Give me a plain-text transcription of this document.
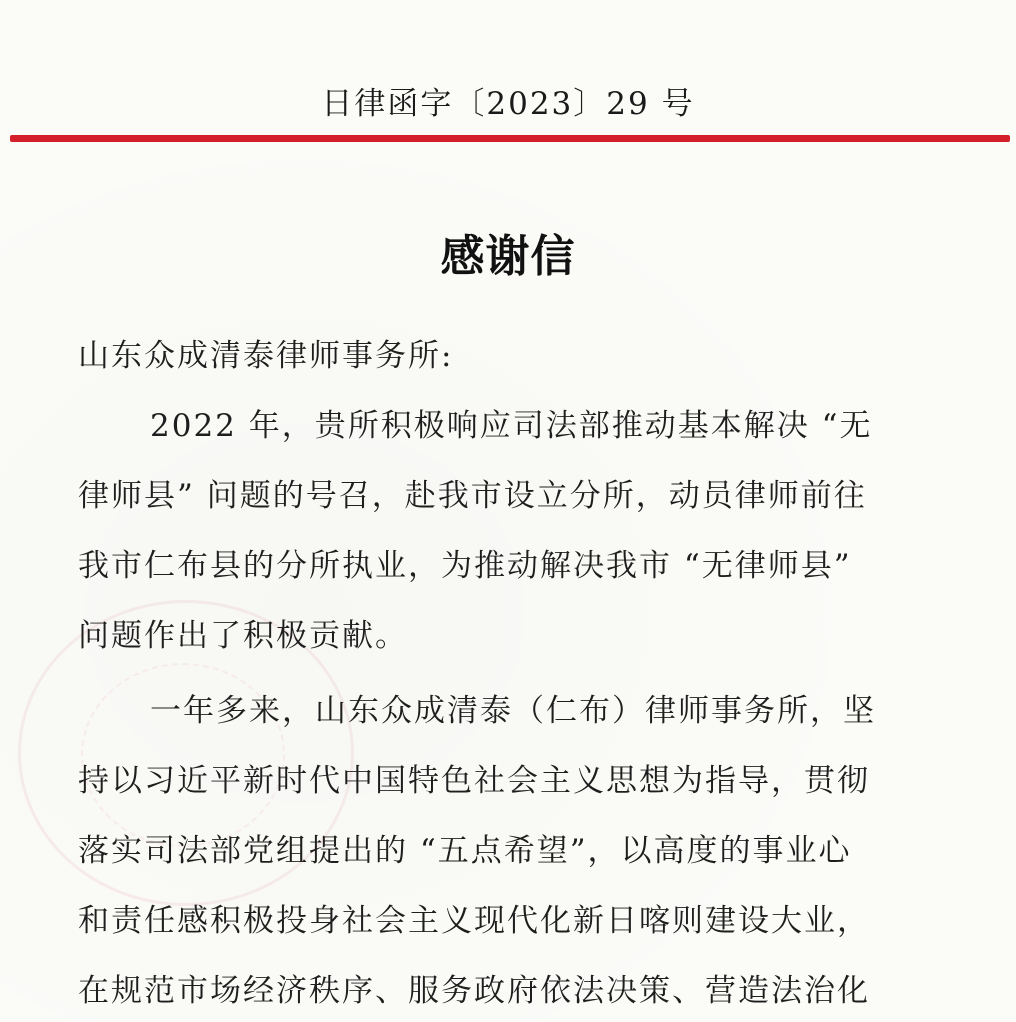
日律函字〔2023〕29 号
感谢信
山东众成清泰律师事务所:
2022 年，贵所积极响应司法部推动基本解决 “无
律师县” 问题的号召，赴我市设立分所，动员律师前往
我市仁布县的分所执业，为推动解决我市 “无律师县”
问题作出了积极贡献。
一年多来，山东众成清泰（仁布）律师事务所，坚
持以习近平新时代中国特色社会主义思想为指导，贯彻
落实司法部党组提出的 “五点希望”，以高度的事业心
和责任感积极投身社会主义现代化新日喀则建设大业，
在规范市场经济秩序、服务政府依法决策、营造法治化
